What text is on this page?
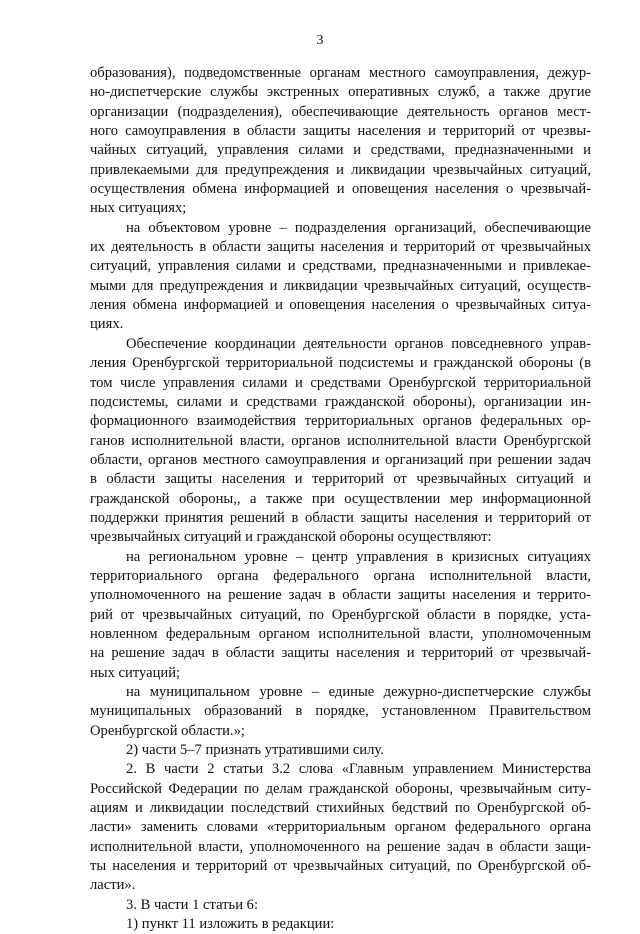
3
образования), подведомственные органам местного самоуправления, дежур-
но-диспетчерские службы экстренных оперативных служб, а также другие
организации (подразделения), обеспечивающие деятельность органов мест-
ного самоуправления в области защиты населения и территорий от чрезвы-
чайных ситуаций, управления силами и средствами, предназначенными и
привлекаемыми для предупреждения и ликвидации чрезвычайных ситуаций,
осуществления обмена информацией и оповещения населения о чрезвычай-
ных ситуациях;
на объектовом уровне – подразделения организаций, обеспечивающие
их деятельность в области защиты населения и территорий от чрезвычайных
ситуаций, управления силами и средствами, предназначенными и привлекае-
мыми для предупреждения и ликвидации чрезвычайных ситуаций, осуществ-
ления обмена информацией и оповещения населения о чрезвычайных ситуа-
циях.
Обеспечение координации деятельности органов повседневного управ-
ления Оренбургской территориальной подсистемы и гражданской обороны (в
том числе управления силами и средствами Оренбургской территориальной
подсистемы, силами и средствами гражданской обороны), организации ин-
формационного взаимодействия территориальных органов федеральных ор-
ганов исполнительной власти, органов исполнительной власти Оренбургской
области, органов местного самоуправления и организаций при решении задач
в области защиты населения и территорий от чрезвычайных ситуаций и
гражданской обороны,, а также при осуществлении мер информационной
поддержки принятия решений в области защиты населения и территорий от
чрезвычайных ситуаций и гражданской обороны осуществляют:
на региональном уровне – центр управления в кризисных ситуациях
территориального органа федерального органа исполнительной власти,
уполномоченного на решение задач в области защиты населения и террито-
рий от чрезвычайных ситуаций, по Оренбургской области в порядке, уста-
новленном федеральным органом исполнительной власти, уполномоченным
на решение задач в области защиты населения и территорий от чрезвычай-
ных ситуаций;
на муниципальном уровне – единые дежурно-диспетчерские службы
муниципальных образований в порядке, установленном Правительством
Оренбургской области.»;
2) части 5–7 признать утратившими силу.
2. В части 2 статьи 3.2 слова «Главным управлением Министерства
Российской Федерации по делам гражданской обороны, чрезвычайным ситу-
ациям и ликвидации последствий стихийных бедствий по Оренбургской об-
ласти» заменить словами «территориальным органом федерального органа
исполнительной власти, уполномоченного на решение задач в области защи-
ты населения и территорий от чрезвычайных ситуаций, по Оренбургской об-
ласти».
3. В части 1 статьи 6:
1) пункт 11 изложить в редакции:
